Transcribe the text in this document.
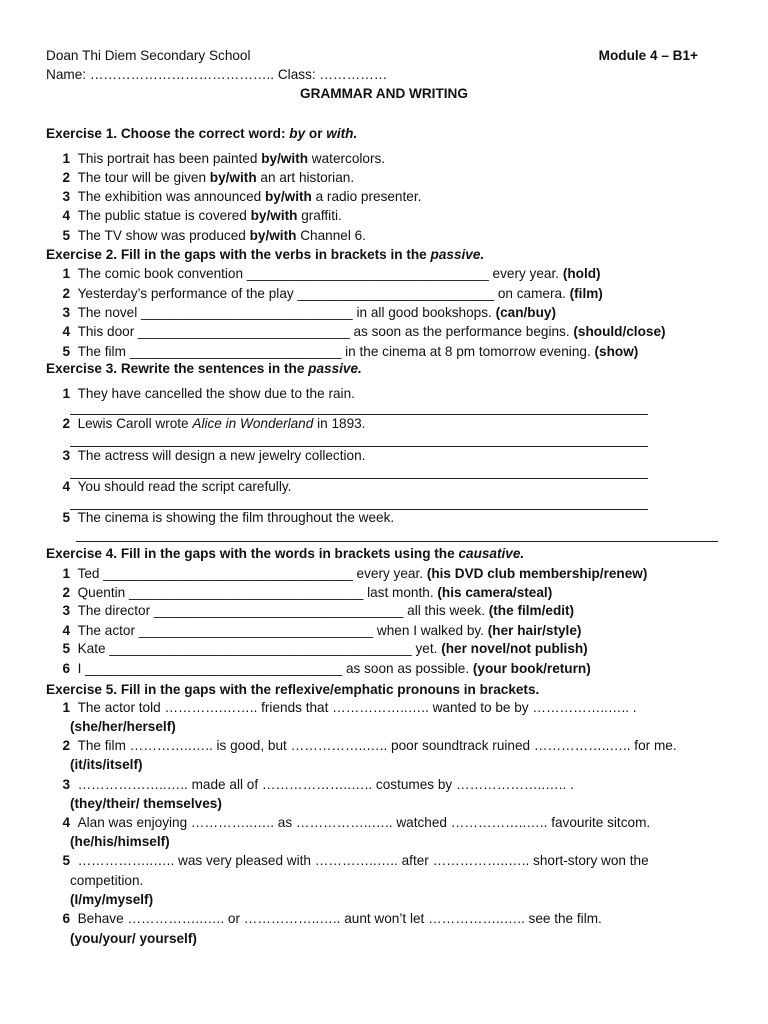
Doan Thi Diem Secondary School	Module 4 – B1+
Name: ………………………………….. Class: ……………
GRAMMAR AND WRITING
Exercise 1. Choose the correct word: by or with.
1 This portrait has been painted by/with watercolors.
2 The tour will be given by/with an art historian.
3 The exhibition was announced by/with a radio presenter.
4 The public statue is covered by/with graffiti.
5 The TV show was produced by/with Channel 6.
Exercise 2. Fill in the gaps with the verbs in brackets in the passive.
1 The comic book convention ________________________________ every year. (hold)
2 Yesterday’s performance of the play __________________________ on camera. (film)
3 The novel ____________________________ in all good bookshops. (can/buy)
4 This door ____________________________ as soon as the performance begins. (should/close)
5 The film ____________________________ in the cinema at 8 pm tomorrow evening. (show)
Exercise 3. Rewrite the sentences in the passive.
1 They have cancelled the show due to the rain.
2 Lewis Caroll wrote Alice in Wonderland in 1893.
3 The actress will design a new jewelry collection.
4 You should read the script carefully.
5 The cinema is showing the film throughout the week.
Exercise 4. Fill in the gaps with the words in brackets using the causative.
1 Ted _________________________________ every year. (his DVD club membership/renew)
2 Quentin _______________________________ last month. (his camera/steal)
3 The director _________________________________ all this week. (the film/edit)
4 The actor _______________________________ when I walked by. (her hair/style)
5 Kate ________________________________________ yet. (her novel/not publish)
6 I __________________________________ as soon as possible. (your book/return)
Exercise 5. Fill in the gaps with the reflexive/emphatic pronouns in brackets.
1 The actor told ………….…….. friends that ……………..….. wanted to be by ……………..….. .
(she/her/herself)
2 The film …………..….. is good, but ……………..….. poor soundtrack ruined ……………..….. for me.
(it/its/itself)
3 ………………..….. made all of ………………..….. costumes by ………………..….. .
(they/their/ themselves)
4 Alan was enjoying …………..….. as ……………..….. watched ……………..….. favourite sitcom.
(he/his/himself)
5 ……………..….. was very pleased with …………..….. after ……………..….. short-story won the
competition.
(I/my/myself)
6 Behave ……………..….. or ……………..….. aunt won’t let ……………..….. see the film.
(you/your/ yourself)
